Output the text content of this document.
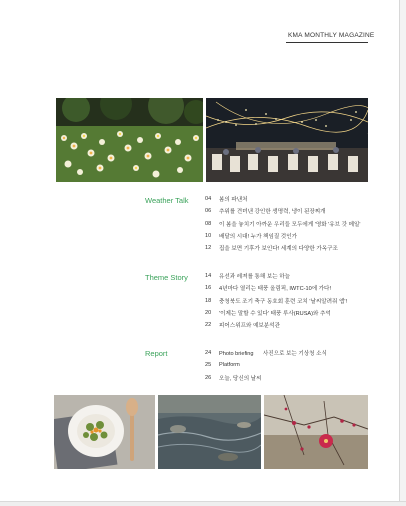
KMA MONTHLY MAGAZINE
Weather Talk	04	봄의 파낸처
06	추위를 견뎌낸 강인한 생명력, 냉이 된장찌개
08	이 봄을 놓치기 아까운 우리들 모두에게 '영화 '유브 갓 메일'
10	배달의 시대! 누가 책임질 것인가
12	집을 보면 기후가 보인다! 세계의 다양한 가옥구조
Theme Story	14	유선과 레져를 통해 보는 하늘
16	4년마다 열리는 태풍 올림픽, IWTC-10에 가다!
18	충청북도 조기 축구 동호회 훈련 코치 '날씨알려줘 앱'!
20	'이제는 말할 수 있다' 태풍 루사(RUSA)와 추억
22	피어스위프와 예보분석관
Report	24	Photo briefing      사진으로 보는 기상청 소식
25	Platform
26	오늘, 당신의 날씨
